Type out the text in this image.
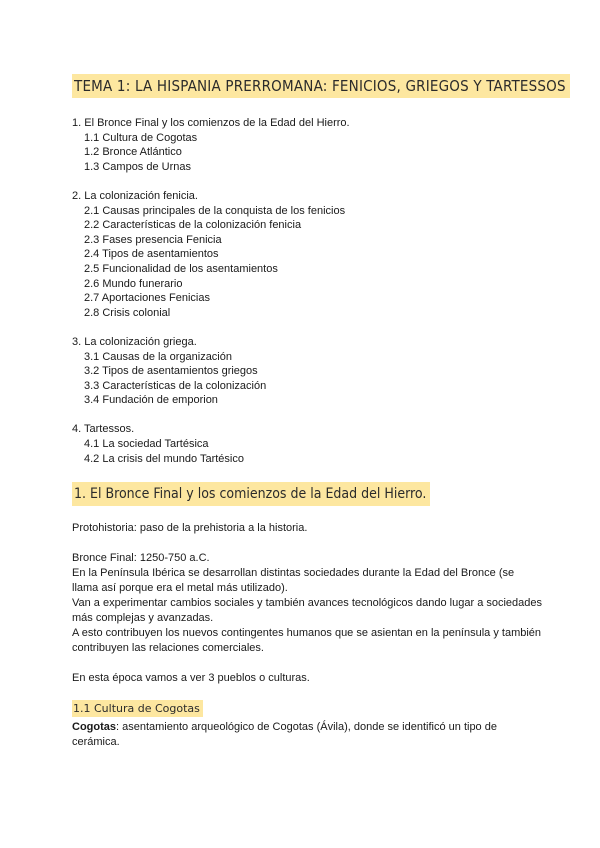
TEMA 1: LA HISPANIA PRERROMANA: FENICIOS, GRIEGOS Y TARTESSOS

1. El Bronce Final y los comienzos de la Edad del Hierro.

1.1 Cultura de Cogotas

1.2 Bronce Atlántico

1.3 Campos de Urnas

2. La colonización fenicia.

2.1 Causas principales de la conquista de los fenicios

2.2 Características de la colonización fenicia

2.3 Fases presencia Fenicia

2.4 Tipos de asentamientos

2.5 Funcionalidad de los asentamientos

2.6 Mundo funerario

2.7 Aportaciones Fenicias

2.8 Crisis colonial

3. La colonización griega.

3.1 Causas de la organización

3.2 Tipos de asentamientos griegos

3.3 Características de la colonización

3.4 Fundación de emporion

4. Tartessos.

4.1 La sociedad Tartésica

4.2 La crisis del mundo Tartésico

1. El Bronce Final y los comienzos de la Edad del Hierro.

Protohistoria: paso de la prehistoria a la historia.

Bronce Final: 1250-750 a.C.

En la Península Ibérica se desarrollan distintas sociedades durante la Edad del Bronce (se llama así porque era el metal más utilizado).

Van a experimentar cambios sociales y también avances tecnológicos dando lugar a sociedades más complejas y avanzadas.

A esto contribuyen los nuevos contingentes humanos que se asientan en la península y también contribuyen las relaciones comerciales.

En esta época vamos a ver 3 pueblos o culturas.

1.1 Cultura de Cogotas

Cogotas: asentamiento arqueológico de Cogotas (Ávila), donde se identificó un tipo de cerámica.
